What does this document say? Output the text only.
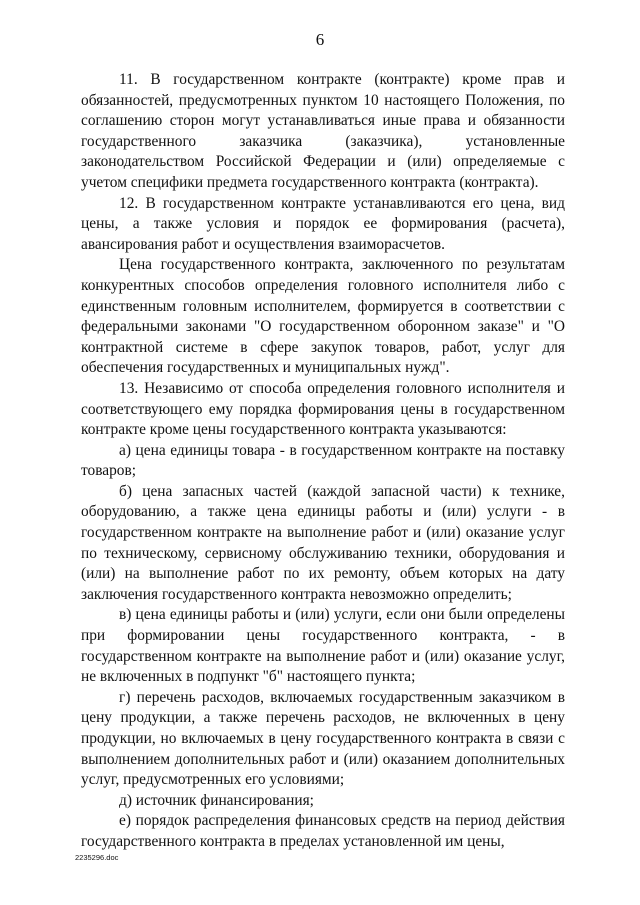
6

11. В государственном контракте (контракте) кроме прав и обязанностей, предусмотренных пунктом 10 настоящего Положения, по соглашению сторон могут устанавливаться иные права и обязанности государственного заказчика (заказчика), установленные законодательством Российской Федерации и (или) определяемые с учетом специфики предмета государственного контракта (контракта).

12. В государственном контракте устанавливаются его цена, вид цены, а также условия и порядок ее формирования (расчета), авансирования работ и осуществления взаиморасчетов.

Цена государственного контракта, заключенного по результатам конкурентных способов определения головного исполнителя либо с единственным головным исполнителем, формируется в соответствии с федеральными законами "О государственном оборонном заказе" и "О контрактной системе в сфере закупок товаров, работ, услуг для обеспечения государственных и муниципальных нужд".

13. Независимо от способа определения головного исполнителя и соответствующего ему порядка формирования цены в государственном контракте кроме цены государственного контракта указываются:

а) цена единицы товара - в государственном контракте на поставку товаров;

б) цена запасных частей (каждой запасной части) к технике, оборудованию, а также цена единицы работы и (или) услуги - в государственном контракте на выполнение работ и (или) оказание услуг по техническому, сервисному обслуживанию техники, оборудования и (или) на выполнение работ по их ремонту, объем которых на дату заключения государственного контракта невозможно определить;

в) цена единицы работы и (или) услуги, если они были определены при формировании цены государственного контракта, - в государственном контракте на выполнение работ и (или) оказание услуг, не включенных в подпункт "б" настоящего пункта;

г) перечень расходов, включаемых государственным заказчиком в цену продукции, а также перечень расходов, не включенных в цену продукции, но включаемых в цену государственного контракта в связи с выполнением дополнительных работ и (или) оказанием дополнительных услуг, предусмотренных его условиями;

д) источник финансирования;

е) порядок распределения финансовых средств на период действия государственного контракта в пределах установленной им цены,

2235296.doc
